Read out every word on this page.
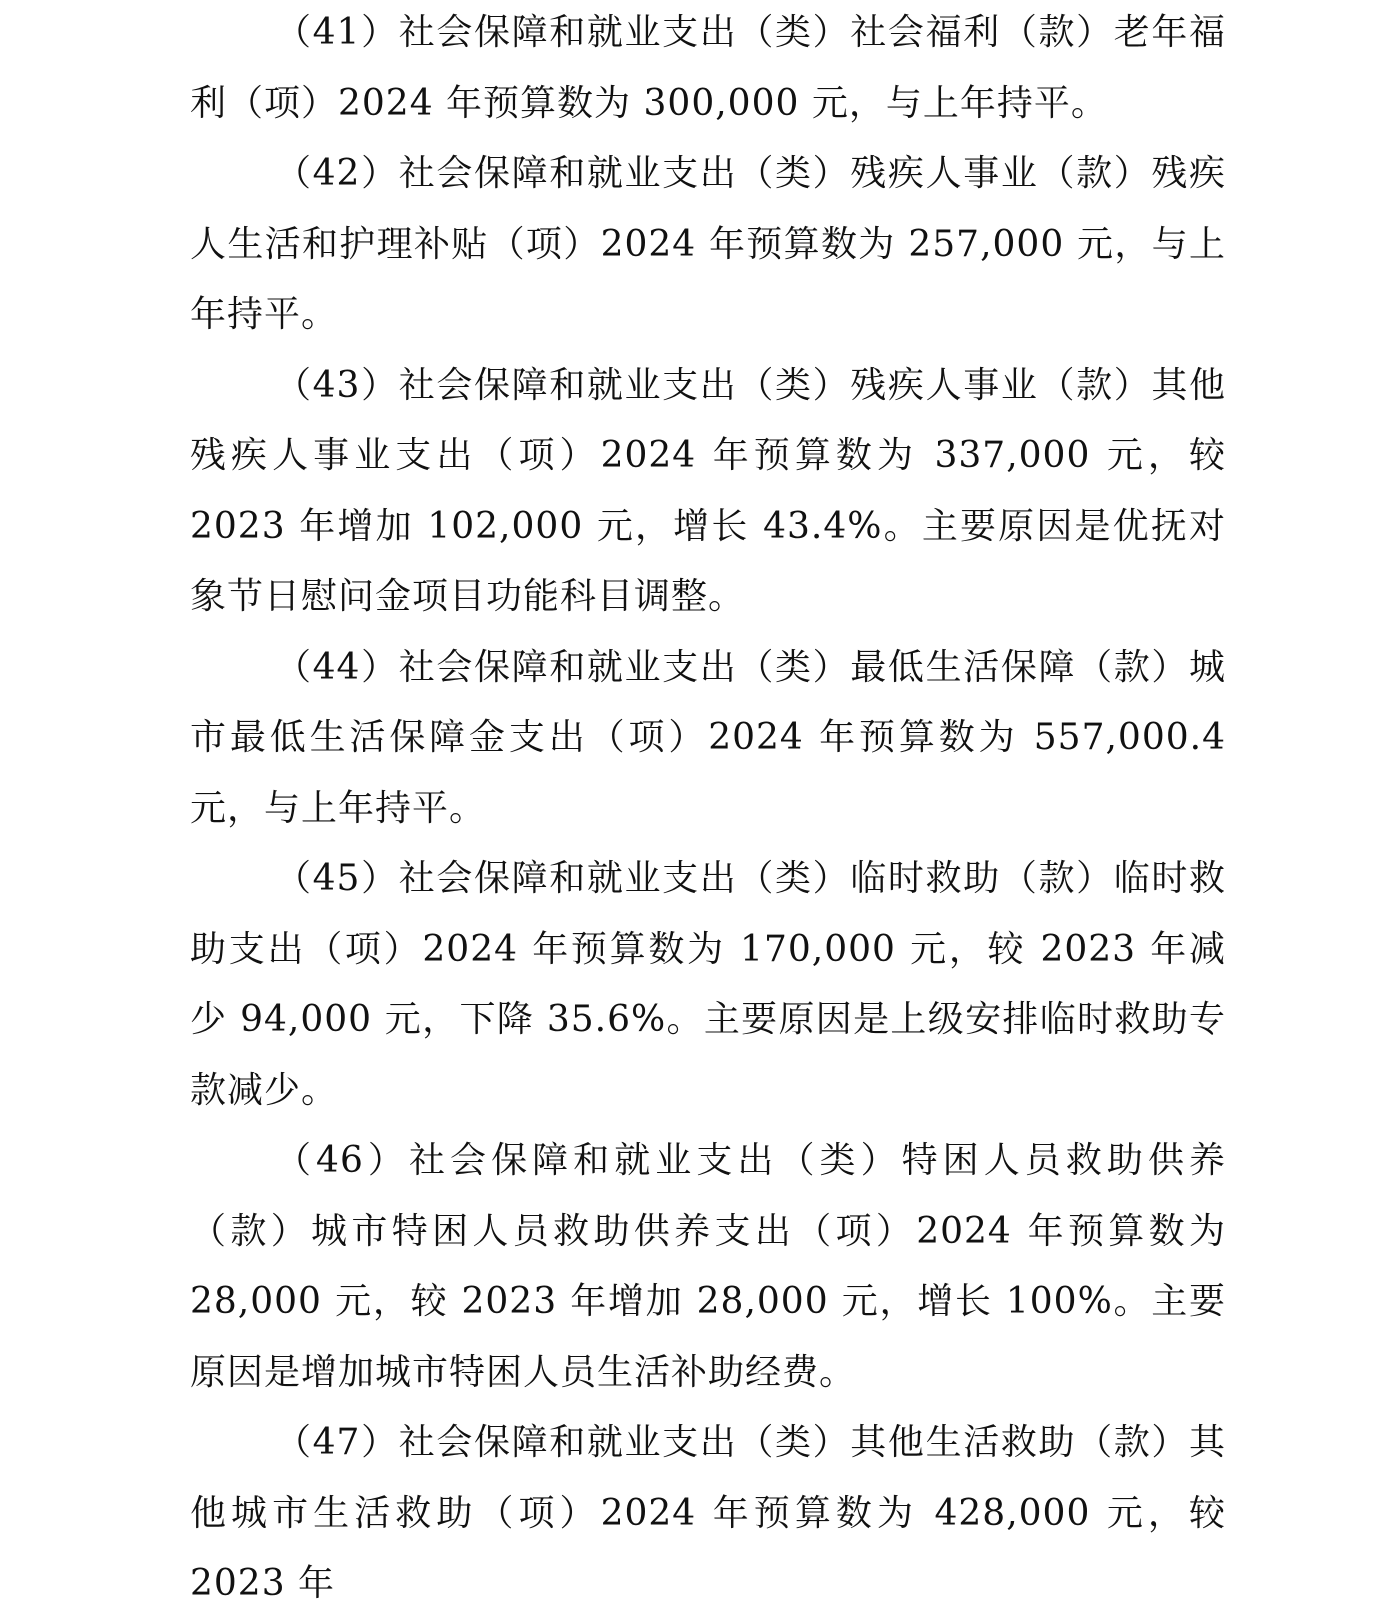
（41）社会保障和就业支出（类）社会福利（款）老年福利（项）2024 年预算数为 300,000 元，与上年持平。

（42）社会保障和就业支出（类）残疾人事业（款）残疾人生活和护理补贴（项）2024 年预算数为 257,000 元，与上年持平。

（43）社会保障和就业支出（类）残疾人事业（款）其他残疾人事业支出（项）2024 年预算数为 337,000 元，较 2023 年增加 102,000 元，增长 43.4%。主要原因是优抚对象节日慰问金项目功能科目调整。

（44）社会保障和就业支出（类）最低生活保障（款）城市最低生活保障金支出（项）2024 年预算数为 557,000.4 元，与上年持平。

（45）社会保障和就业支出（类）临时救助（款）临时救助支出（项）2024 年预算数为 170,000 元，较 2023 年减少 94,000 元，下降 35.6%。主要原因是上级安排临时救助专款减少。

（46）社会保障和就业支出（类）特困人员救助供养（款）城市特困人员救助供养支出（项）2024 年预算数为 28,000 元，较 2023 年增加 28,000 元，增长 100%。主要原因是增加城市特困人员生活补助经费。

（47）社会保障和就业支出（类）其他生活救助（款）其他城市生活救助（项）2024 年预算数为 428,000 元，较 2023 年
